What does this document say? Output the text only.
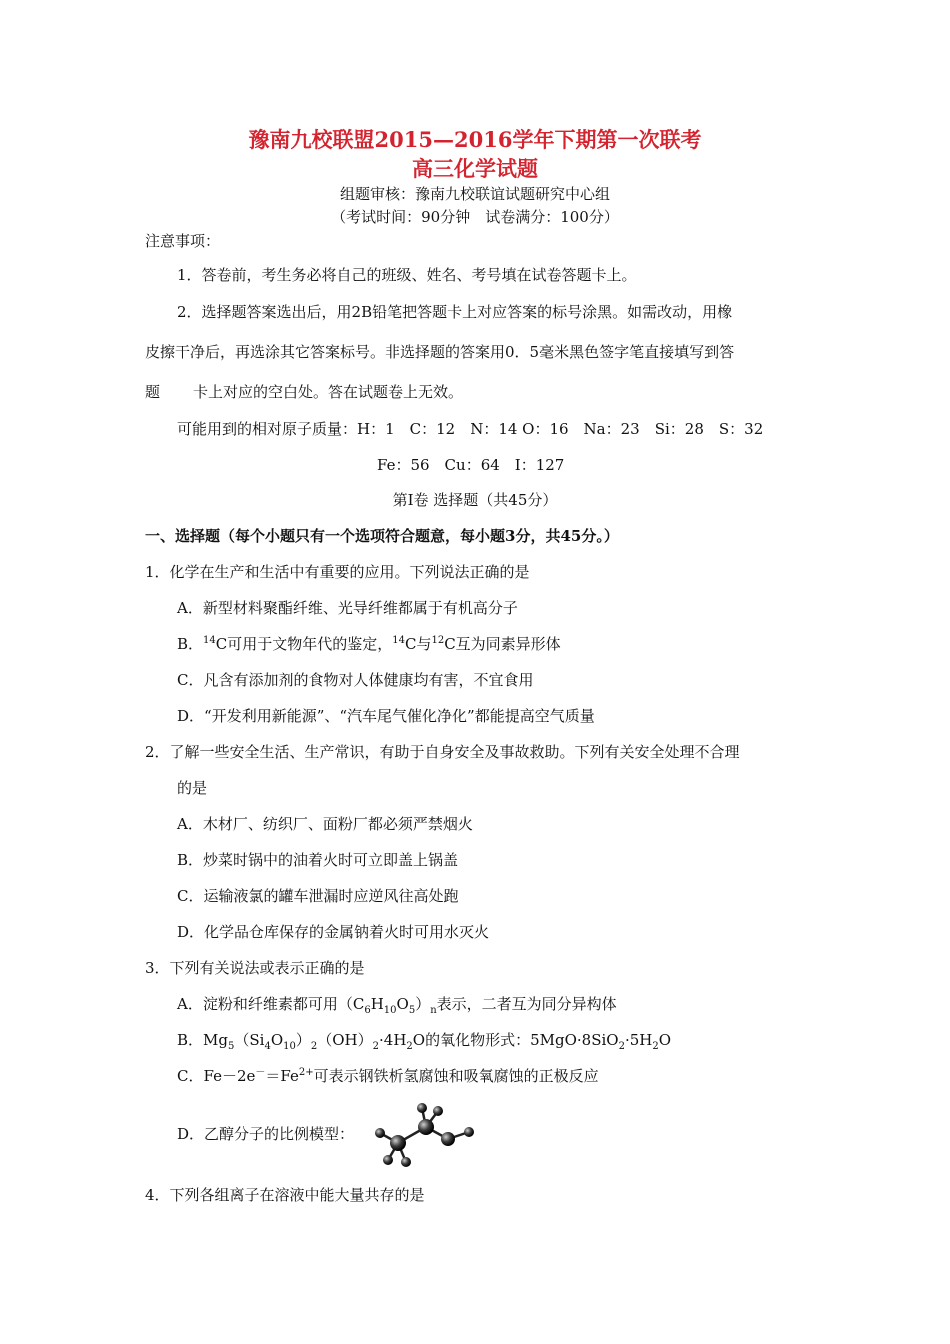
豫南九校联盟2015—2016学年下期第一次联考
高三化学试题
组题审核：豫南九校联谊试题研究中心组
（考试时间：90分钟　试卷满分：100分）
注意事项：
1．答卷前，考生务必将自己的班级、姓名、考号填在试卷答题卡上。
2．选择题答案选出后，用2B铅笔把答题卡上对应答案的标号涂黑。如需改动，用橡
皮擦干净后，再选涂其它答案标号。非选择题的答案用0．5毫米黑色签字笔直接填写到答
题 卡上对应的空白处。答在试题卷上无效。
可能用到的相对原子质量：H：1　C：12　N：14 O：16　Na：23　Si：28　S：32
Fe：56　Cu：64　I：127
第Ⅰ卷 选择题（共45分）
一、选择题（每个小题只有一个选项符合题意，每小题3分，共45分。）
1．化学在生产和生活中有重要的应用。下列说法正确的是
A．新型材料聚酯纤维、光导纤维都属于有机高分子
B．$^{14}$C可用于文物年代的鉴定，$^{14}$C与$^{12}$C互为同素异形体
C．凡含有添加剂的食物对人体健康均有害，不宜食用
D．“开发利用新能源”、“汽车尾气催化净化”都能提高空气质量
2．了解一些安全生活、生产常识，有助于自身安全及事故救助。下列有关安全处理不合理
的是
A．木材厂、纺织厂、面粉厂都必须严禁烟火
B．炒菜时锅中的油着火时可立即盖上锅盖
C．运输液氯的罐车泄漏时应逆风往高处跑
D．化学品仓库保存的金属钠着火时可用水灭火
3．下列有关说法或表示正确的是
A．淀粉和纤维素都可用$(C_6H_{10}O_5)_n$表示，二者互为同分异构体
B．$Mg_5(Si_4O_{10})_2(OH)_2\cdot 4H_2O$的氧化物形式：$5MgO\cdot 8SiO_2\cdot 5H_2O$
C．$Fe-2e^-=Fe^{2+}$可表示钢铁析氢腐蚀和吸氧腐蚀的正极反应
D．乙醇分子的比例模型：
4．下列各组离子在溶液中能大量共存的是
